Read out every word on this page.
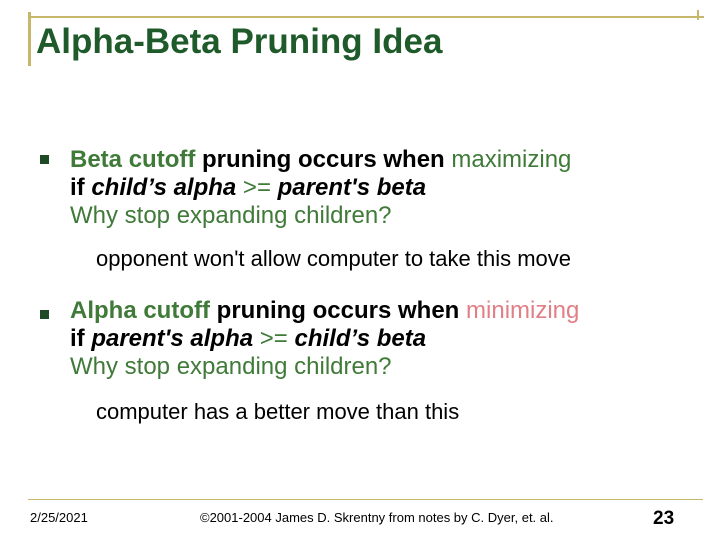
Alpha-Beta Pruning Idea
Beta cutoff pruning occurs when maximizing
if child’s alpha >= parent's beta
Why stop expanding children?
opponent won't allow computer to take this move
Alpha cutoff pruning occurs when minimizing
if parent's alpha >= child’s beta
Why stop expanding children?
computer has a better move than this
2/25/2021	©2001-2004 James D. Skrentny from notes by C. Dyer, et. al.	23
